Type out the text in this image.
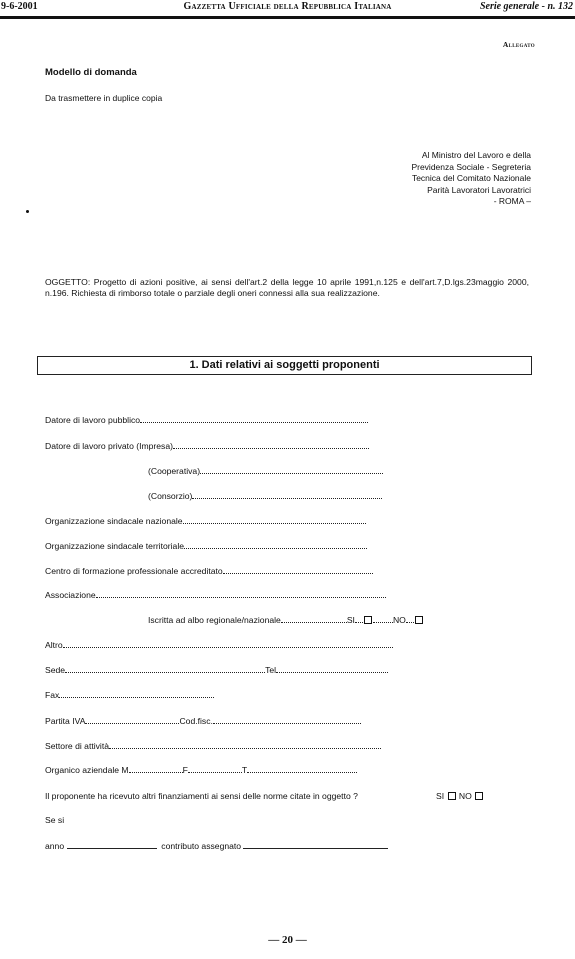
9-6-2001	Gazzetta Ufficiale della Repubblica Italiana	Serie generale - n. 132
Allegato
Modello di domanda
Da trasmettere in duplice copia
Al Ministro del Lavoro e della
Previdenza Sociale - Segreteria
Tecnica del Comitato Nazionale
Parità Lavoratori Lavoratrici
- ROMA –
OGGETTO: Progetto di azioni positive, ai sensi dell'art.2 della legge 10 aprile 1991,n.125 e dell'art.7,D.lgs.23maggio 2000, n.196. Richiesta di rimborso totale o parziale degli oneri connessi alla sua realizzazione.
1. Dati relativi ai soggetti proponenti
Datore di lavoro pubblico
Datore di lavoro privato (Impresa)
(Cooperativa)
(Consorzio)
Organizzazione sindacale nazionale
Organizzazione sindacale territoriale
Centro di formazione professionale accreditato
Associazione
Iscritta ad albo regionale/nazionale	SI	NO
Altro
Sede	Tel
Fax
Partita IVA	Cod.fisc.
Settore di attività
Organico aziendale M	F	T
Il proponente ha ricevuto altri finanziamenti ai sensi delle norme citate in oggetto ?	SI NO
Se si
anno	contributo assegnato
— 20 —
